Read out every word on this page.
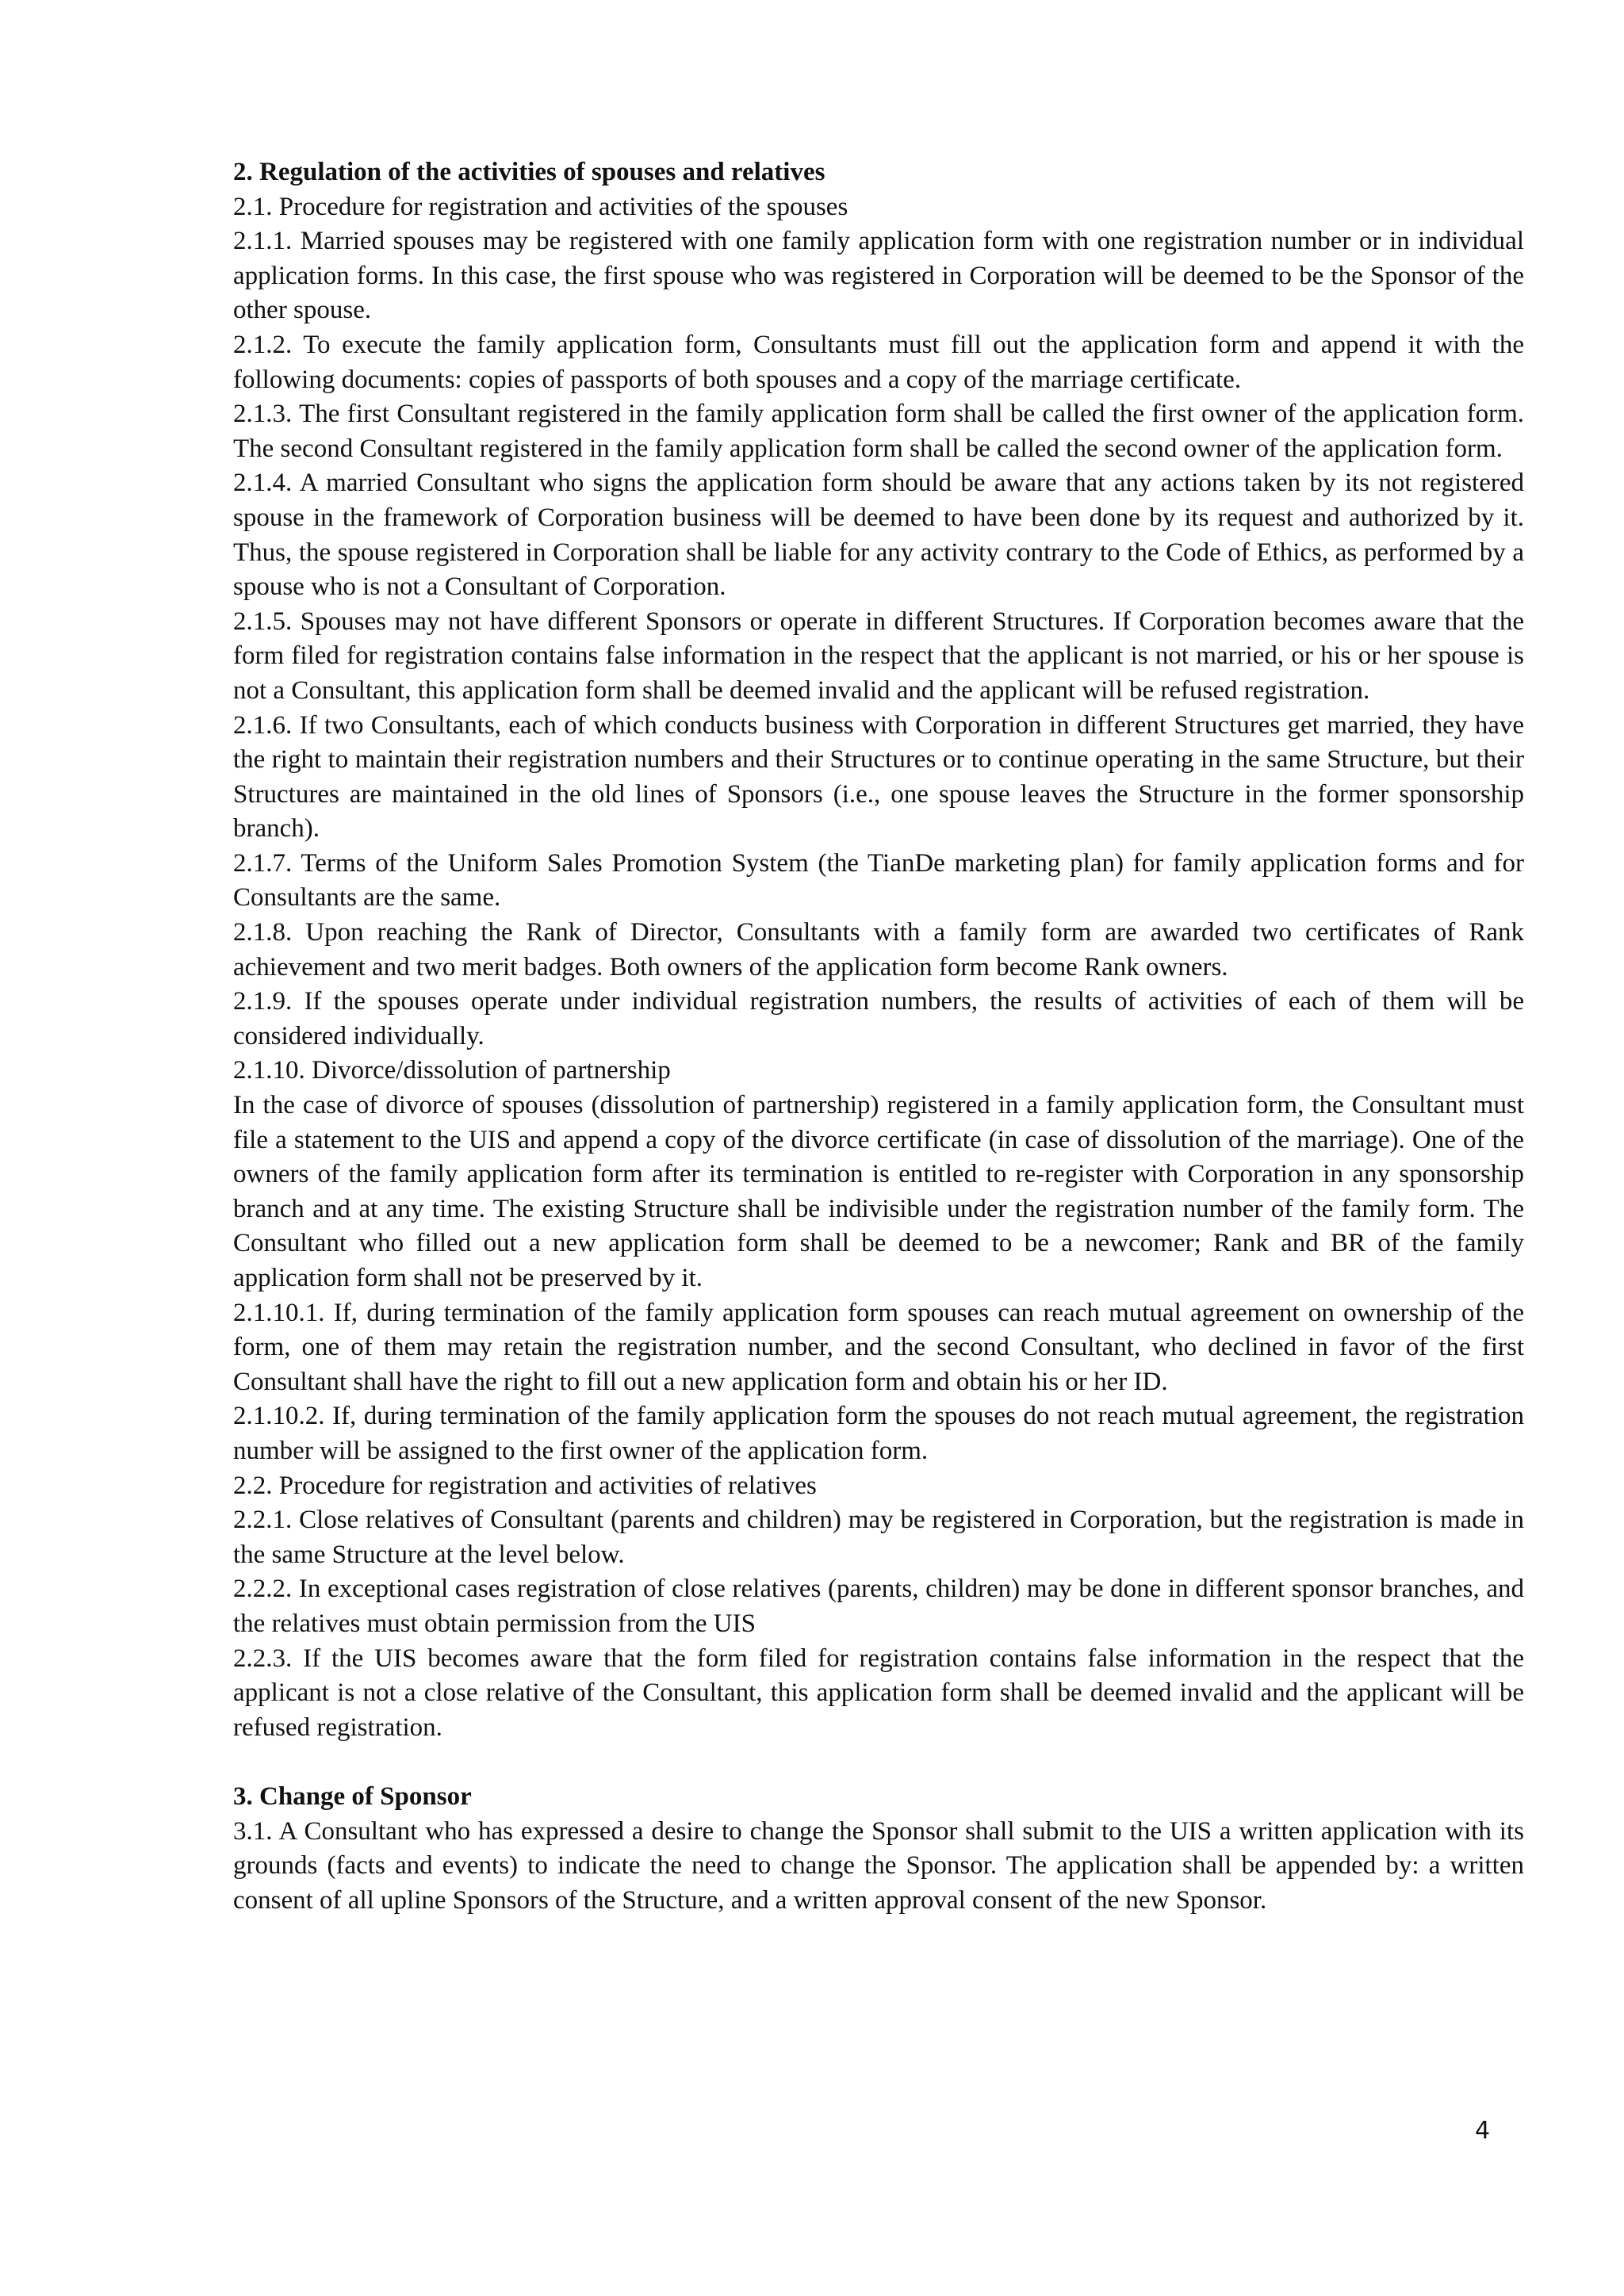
2. Regulation of the activities of spouses and relatives

2.1. Procedure for registration and activities of the spouses

2.1.1. Married spouses may be registered with one family application form with one registration number or in individual application forms. In this case, the first spouse who was registered in Corporation will be deemed to be the Sponsor of the other spouse.

2.1.2. To execute the family application form, Consultants must fill out the application form and append it with the following documents: copies of passports of both spouses and a copy of the marriage certificate.

2.1.3. The first Consultant registered in the family application form shall be called the first owner of the application form. The second Consultant registered in the family application form shall be called the second owner of the application form.

2.1.4. A married Consultant who signs the application form should be aware that any actions taken by its not registered spouse in the framework of Corporation business will be deemed to have been done by its request and authorized by it. Thus, the spouse registered in Corporation shall be liable for any activity contrary to the Code of Ethics, as performed by a spouse who is not a Consultant of Corporation.

2.1.5. Spouses may not have different Sponsors or operate in different Structures. If Corporation becomes aware that the form filed for registration contains false information in the respect that the applicant is not married, or his or her spouse is not a Consultant, this application form shall be deemed invalid and the applicant will be refused registration.

2.1.6. If two Consultants, each of which conducts business with Corporation in different Structures get married, they have the right to maintain their registration numbers and their Structures or to continue operating in the same Structure, but their Structures are maintained in the old lines of Sponsors (i.e., one spouse leaves the Structure in the former sponsorship branch).

2.1.7. Terms of the Uniform Sales Promotion System (the TianDe marketing plan) for family application forms and for Consultants are the same.

2.1.8. Upon reaching the Rank of Director, Consultants with a family form are awarded two certificates of Rank achievement and two merit badges. Both owners of the application form become Rank owners.

2.1.9. If the spouses operate under individual registration numbers, the results of activities of each of them will be considered individually.

2.1.10. Divorce/dissolution of partnership

In the case of divorce of spouses (dissolution of partnership) registered in a family application form, the Consultant must file a statement to the UIS and append a copy of the divorce certificate (in case of dissolution of the marriage). One of the owners of the family application form after its termination is entitled to re-register with Corporation in any sponsorship branch and at any time. The existing Structure shall be indivisible under the registration number of the family form. The Consultant who filled out a new application form shall be deemed to be a newcomer; Rank and BR of the family application form shall not be preserved by it.

2.1.10.1. If, during termination of the family application form spouses can reach mutual agreement on ownership of the form, one of them may retain the registration number, and the second Consultant, who declined in favor of the first Consultant shall have the right to fill out a new application form and obtain his or her ID.

2.1.10.2. If, during termination of the family application form the spouses do not reach mutual agreement, the registration number will be assigned to the first owner of the application form.

2.2. Procedure for registration and activities of relatives

2.2.1. Close relatives of Consultant (parents and children) may be registered in Corporation, but the registration is made in the same Structure at the level below.

2.2.2. In exceptional cases registration of close relatives (parents, children) may be done in different sponsor branches, and the relatives must obtain permission from the UIS

2.2.3. If the UIS becomes aware that the form filed for registration contains false information in the respect that the applicant is not a close relative of the Consultant, this application form shall be deemed invalid and the applicant will be refused registration.

3. Change of Sponsor

3.1. A Consultant who has expressed a desire to change the Sponsor shall submit to the UIS a written application with its grounds (facts and events) to indicate the need to change the Sponsor. The application shall be appended by: a written consent of all upline Sponsors of the Structure, and a written approval consent of the new Sponsor.

4
